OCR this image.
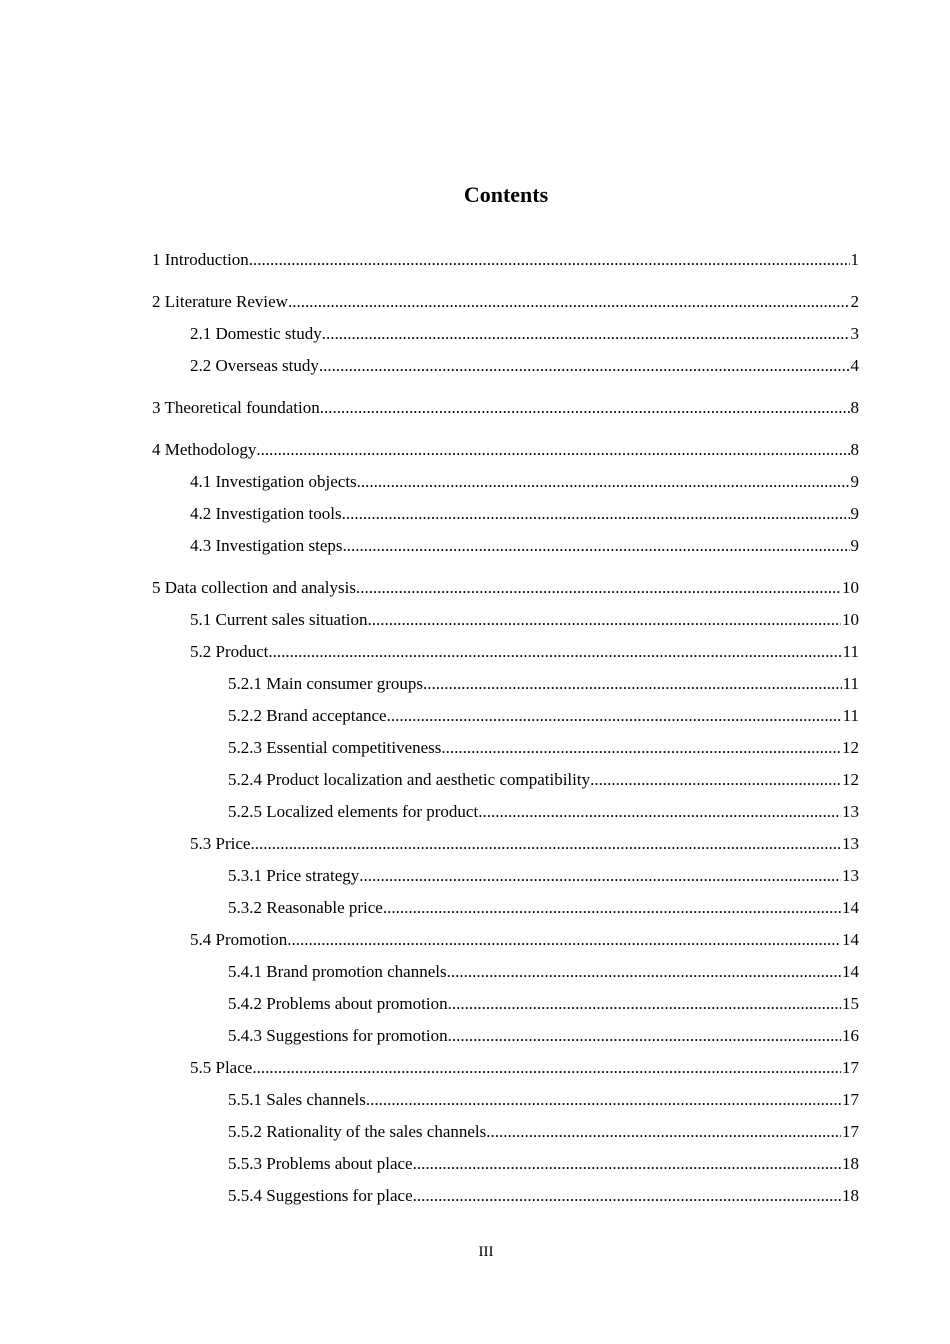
Contents
1 Introduction .....	1
2 Literature Review .....	2
2.1 Domestic study .....	3
2.2 Overseas study .....	4
3 Theoretical foundation .....	8
4 Methodology .....	8
4.1 Investigation objects .....	9
4.2 Investigation tools .....	9
4.3 Investigation steps .....	9
5 Data collection and analysis .....	10
5.1 Current sales situation .....	10
5.2 Product .....	11
5.2.1 Main consumer groups .....	11
5.2.2 Brand acceptance .....	11
5.2.3 Essential competitiveness .....	12
5.2.4 Product localization and aesthetic compatibility .....	12
5.2.5 Localized elements for product .....	13
5.3 Price .....	13
5.3.1 Price strategy .....	13
5.3.2 Reasonable price .....	14
5.4 Promotion .....	14
5.4.1 Brand promotion channels .....	14
5.4.2 Problems about promotion .....	15
5.4.3 Suggestions for promotion .....	16
5.5 Place .....	17
5.5.1 Sales channels .....	17
5.5.2 Rationality of the sales channels .....	17
5.5.3 Problems about place .....	18
5.5.4 Suggestions for place .....	18
III
